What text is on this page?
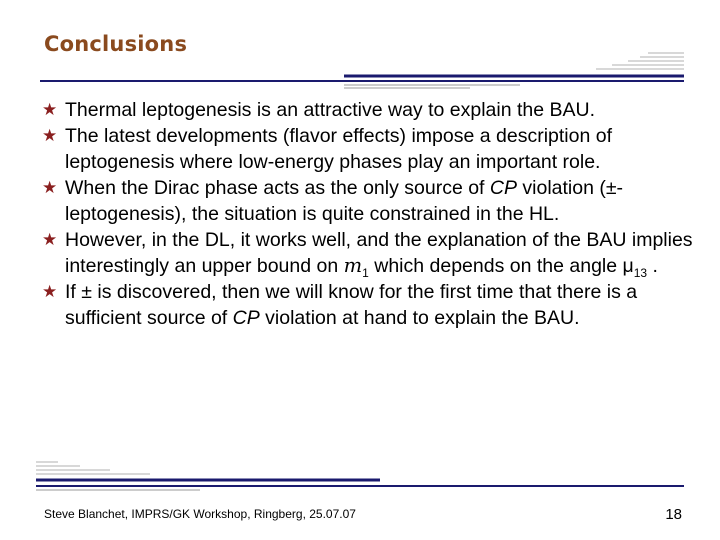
Conclusions
★ Thermal leptogenesis is an attractive way to explain the BAU.
★ The latest developments (flavor effects) impose a description of leptogenesis where low-energy phases play an important role.
★ When the Dirac phase acts as the only source of CP violation (±-leptogenesis), the situation is quite constrained in the HL.
★ However, in the DL, it works well, and the explanation of the BAU implies interestingly an upper bound on $m_1$ which depends on the angle $\mu_{13}$ .
★ If ± is discovered, then we will know for the first time that there is a sufficient source of CP violation at hand to explain the BAU.
Steve Blanchet, IMPRS/GK Workshop, Ringberg, 25.07.07	18
